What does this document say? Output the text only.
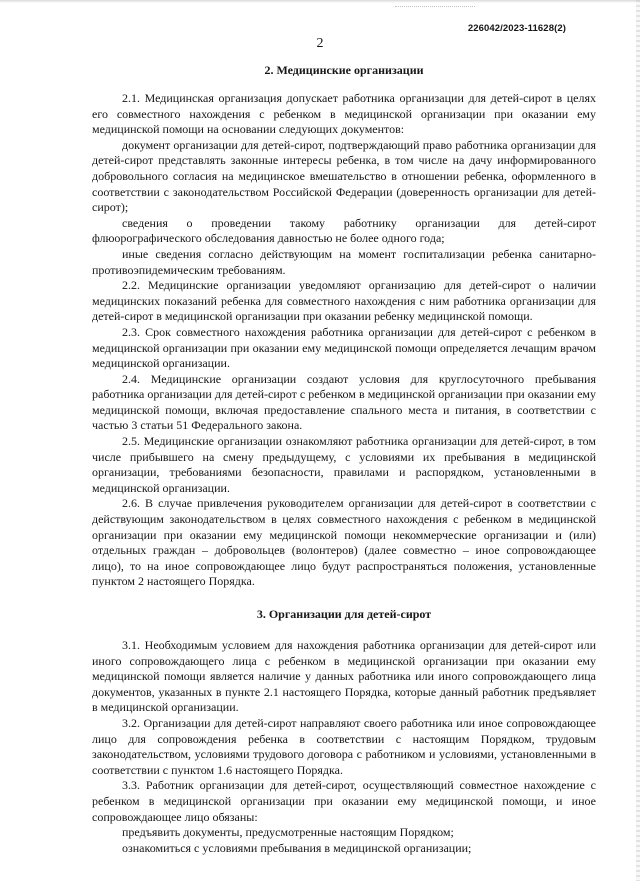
226042/2023-11628(2)
2
2. Медицинские организации

2.1. Медицинская организация допускает работника организации для детей-сирот в целях его совместного нахождения с ребенком в медицинской организации при оказании ему медицинской помощи на основании следующих документов:

документ организации для детей-сирот, подтверждающий право работника организации для детей-сирот представлять законные интересы ребенка, в том числе на дачу информированного добровольного согласия на медицинское вмешательство в отношении ребенка, оформленного в соответствии с законодательством Российской Федерации (доверенность организации для детей-сирот);

сведения о проведении такому работнику организации для детей-сирот флюорографического обследования давностью не более одного года;

иные сведения согласно действующим на момент госпитализации ребенка санитарно-противоэпидемическим требованиям.

2.2. Медицинские организации уведомляют организацию для детей-сирот о наличии медицинских показаний ребенка для совместного нахождения с ним работника организации для детей-сирот в медицинской организации при оказании ребенку медицинской помощи.

2.3. Срок совместного нахождения работника организации для детей-сирот с ребенком в медицинской организации при оказании ему медицинской помощи определяется лечащим врачом медицинской организации.

2.4. Медицинские организации создают условия для круглосуточного пребывания работника организации для детей-сирот с ребенком в медицинской организации при оказании ему медицинской помощи, включая предоставление спального места и питания, в соответствии с частью 3 статьи 51 Федерального закона.

2.5. Медицинские организации ознакомляют работника организации для детей-сирот, в том числе прибывшего на смену предыдущему, с условиями их пребывания в медицинской организации, требованиями безопасности, правилами и распорядком, установленными в медицинской организации.

2.6. В случае привлечения руководителем организации для детей-сирот в соответствии с действующим законодательством в целях совместного нахождения с ребенком в медицинской организации при оказании ему медицинской помощи некоммерческие организации и (или) отдельных граждан – добровольцев (волонтеров) (далее совместно – иное сопровождающее лицо), то на иное сопровождающее лицо будут распространяться положения, установленные пунктом 2 настоящего Порядка.

3. Организации для детей-сирот

3.1. Необходимым условием для нахождения работника организации для детей-сирот или иного сопровождающего лица с ребенком в медицинской организации при оказании ему медицинской помощи является наличие у данных работника или иного сопровождающего лица документов, указанных в пункте 2.1 настоящего Порядка, которые данный работник предъявляет в медицинской организации.

3.2. Организации для детей-сирот направляют своего работника или иное сопровождающее лицо для сопровождения ребенка в соответствии с настоящим Порядком, трудовым законодательством, условиями трудового договора с работником и условиями, установленными в соответствии с пунктом 1.6 настоящего Порядка.

3.3. Работник организации для детей-сирот, осуществляющий совместное нахождение с ребенком в медицинской организации при оказании ему медицинской помощи, и иное сопровождающее лицо обязаны:

предъявить документы, предусмотренные настоящим Порядком;

ознакомиться с условиями пребывания в медицинской организации;
